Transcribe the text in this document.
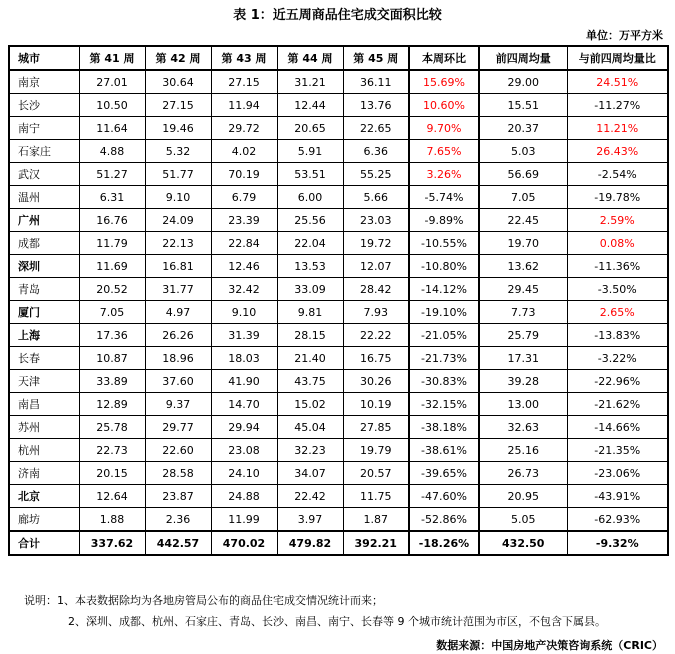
表 1：近五周商品住宅成交面积比较
单位：万平方米
城市	第 41 周	第 42 周	第 43 周	第 44 周	第 45 周	本周环比	前四周均量	与前四周均量比
南京	27.01	30.64	27.15	31.21	36.11	15.69%	29.00	24.51%
长沙	10.50	27.15	11.94	12.44	13.76	10.60%	15.51	-11.27%
南宁	11.64	19.46	29.72	20.65	22.65	9.70%	20.37	11.21%
石家庄	4.88	5.32	4.02	5.91	6.36	7.65%	5.03	26.43%
武汉	51.27	51.77	70.19	53.51	55.25	3.26%	56.69	-2.54%
温州	6.31	9.10	6.79	6.00	5.66	-5.74%	7.05	-19.78%
广州	16.76	24.09	23.39	25.56	23.03	-9.89%	22.45	2.59%
成都	11.79	22.13	22.84	22.04	19.72	-10.55%	19.70	0.08%
深圳	11.69	16.81	12.46	13.53	12.07	-10.80%	13.62	-11.36%
青岛	20.52	31.77	32.42	33.09	28.42	-14.12%	29.45	-3.50%
厦门	7.05	4.97	9.10	9.81	7.93	-19.10%	7.73	2.65%
上海	17.36	26.26	31.39	28.15	22.22	-21.05%	25.79	-13.83%
长春	10.87	18.96	18.03	21.40	16.75	-21.73%	17.31	-3.22%
天津	33.89	37.60	41.90	43.75	30.26	-30.83%	39.28	-22.96%
南昌	12.89	9.37	14.70	15.02	10.19	-32.15%	13.00	-21.62%
苏州	25.78	29.77	29.94	45.04	27.85	-38.18%	32.63	-14.66%
杭州	22.73	22.60	23.08	32.23	19.79	-38.61%	25.16	-21.35%
济南	20.15	28.58	24.10	34.07	20.57	-39.65%	26.73	-23.06%
北京	12.64	23.87	24.88	22.42	11.75	-47.60%	20.95	-43.91%
廊坊	1.88	2.36	11.99	3.97	1.87	-52.86%	5.05	-62.93%
合计	337.62	442.57	470.02	479.82	392.21	-18.26%	432.50	-9.32%
说明：1、本表数据除均为各地房管局公布的商品住宅成交情况统计而来；
2、深圳、成都、杭州、石家庄、青岛、长沙、南昌、南宁、长春等 9 个城市统计范围为市区，不包含下属县。
数据来源：中国房地产决策咨询系统（CRIC）
